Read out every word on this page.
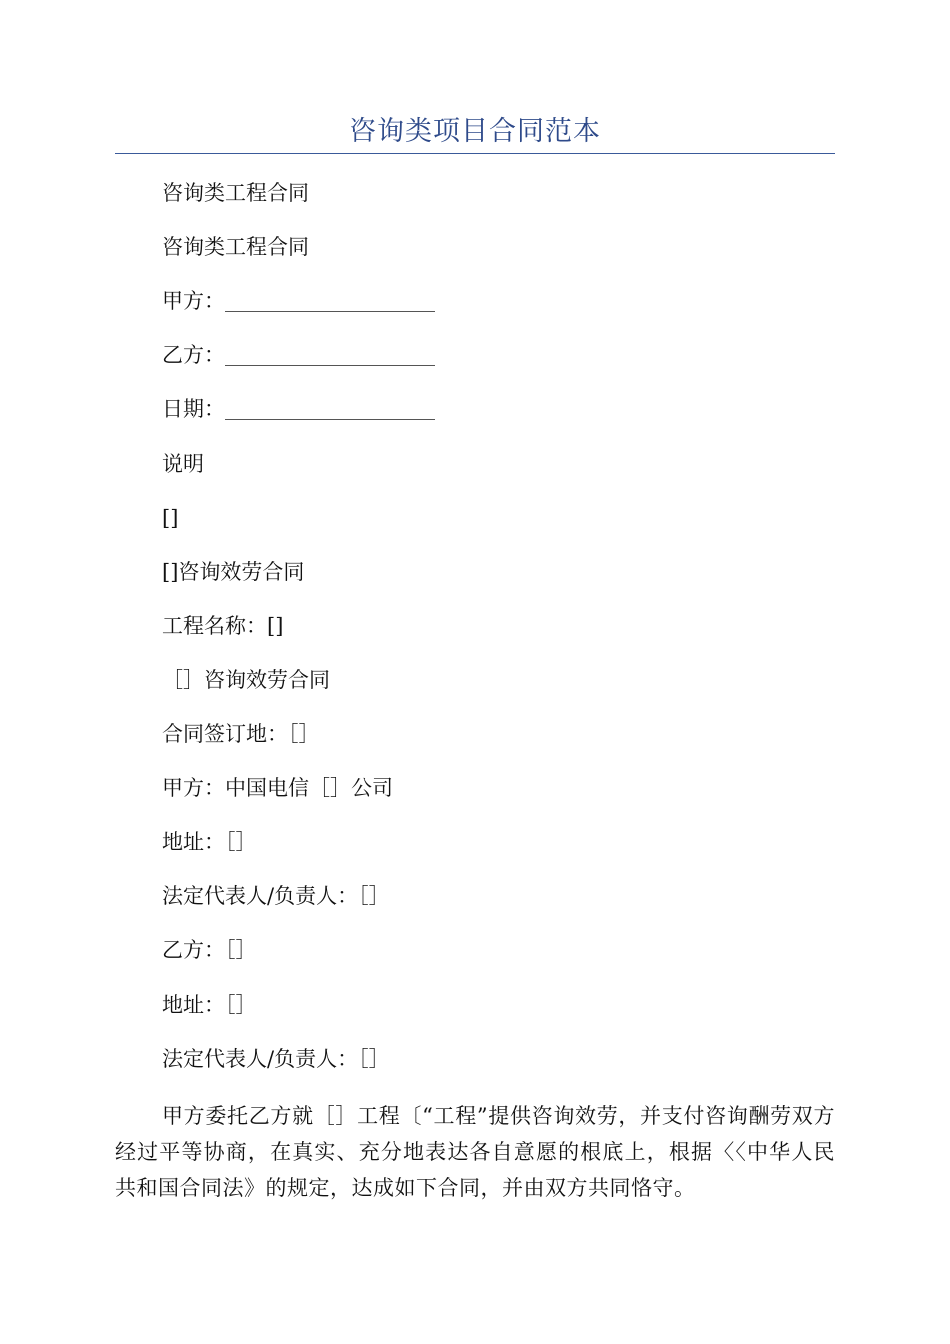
咨询类项目合同范本
咨询类工程合同
咨询类工程合同
甲方：
乙方：
日期：
说明
[]
[]咨询效劳合同
工程名称：[]
［］咨询效劳合同
合同签订地：［］
甲方：中国电信［］公司
地址：［］
法定代表人/负责人：［］
乙方：［］
地址：［］
法定代表人/负责人：［］
甲方委托乙方就［］工程〔“工程”提供咨询效劳，并支付咨询酬劳双方经过平等协商，在真实、充分地表达各自意愿的根底上，根据〈〈中华人民共和国合同法》的规定，达成如下合同，并由双方共同恪守。
